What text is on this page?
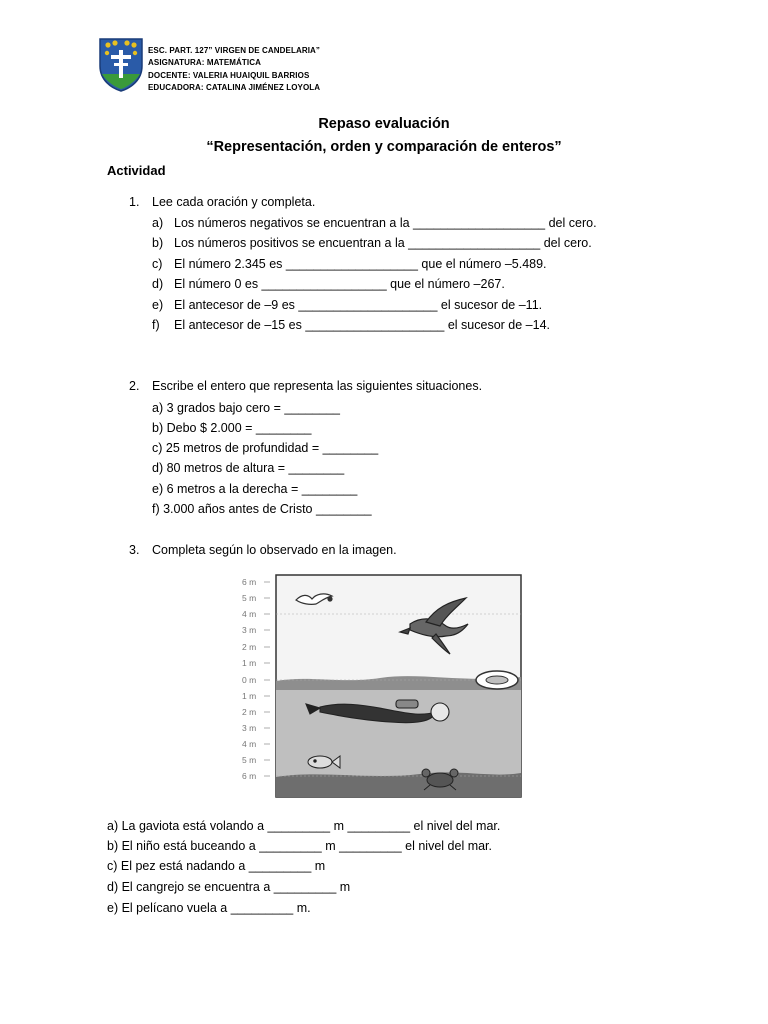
ESC. PART. 127” VIRGEN DE CANDELARIA”
ASIGNATURA: MATEMÁTICA
DOCENTE: VALERIA HUAIQUIL BARRIOS
EDUCADORA: CATALINA JIMÉNEZ LOYOLA
Repaso evaluación
“Representación, orden y comparación de enteros”
Actividad
1. Lee cada oración y completa.
a) Los números negativos se encuentran a la ___________________ del cero.
b) Los números positivos se encuentran a la ___________________ del cero.
c) El número 2.345 es ___________________ que el número –5.489.
d) El número 0 es __________________ que el número –267.
e) El antecesor de –9 es ____________________ el sucesor de –11.
f) El antecesor de –15 es ____________________ el sucesor de –14.
2. Escribe el entero que representa las siguientes situaciones.
a) 3 grados bajo cero = ________
b) Debo $ 2.000 = ________
c) 25 metros de profundidad = ________
d) 80 metros de altura = ________
e) 6 metros a la derecha = ________
f) 3.000 años antes de Cristo ________
3. Completa según lo observado en la imagen.
6 m
5 m
4 m
3 m
2 m
1 m
0 m
1 m
2 m
3 m
4 m
5 m
6 m
a) La gaviota está volando a _________ m _________ el nivel del mar.
b) El niño está buceando a _________ m _________ el nivel del mar.
c) El pez está nadando a _________ m
d) El cangrejo se encuentra a _________ m
e) El pelícano vuela a _________ m.
